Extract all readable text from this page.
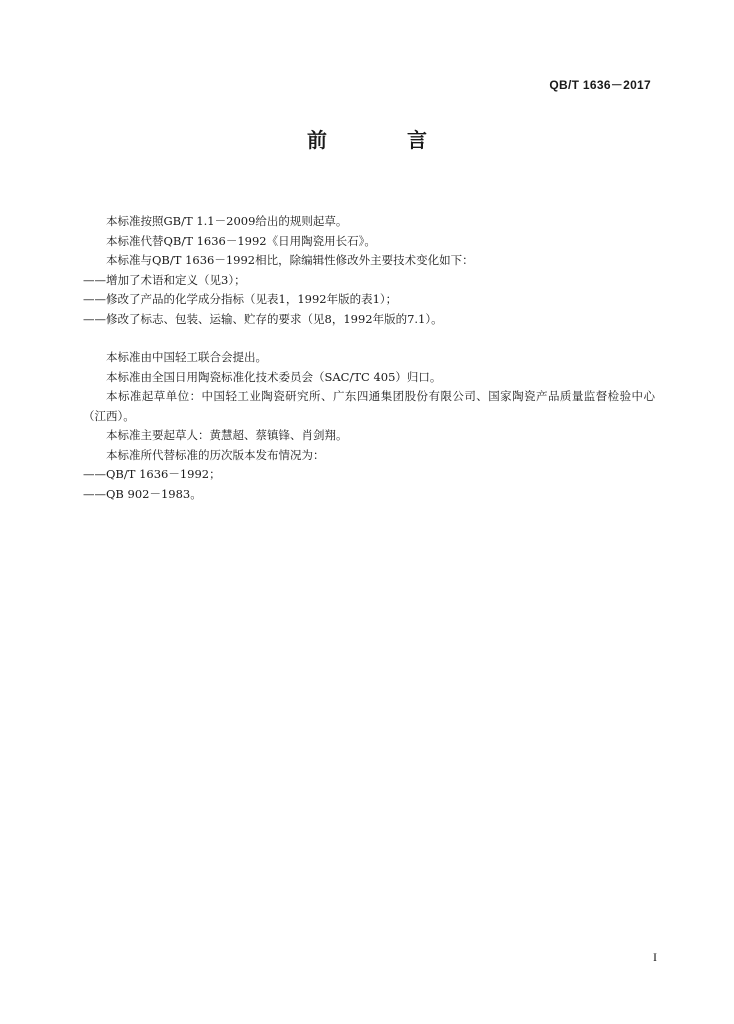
QB/T 1636－2017
前　言

本标准按照GB/T 1.1－2009给出的规则起草。

本标准代替QB/T 1636－1992《日用陶瓷用长石》。

本标准与QB/T 1636－1992相比，除编辑性修改外主要技术变化如下：

——增加了术语和定义（见3）；

——修改了产品的化学成分指标（见表1，1992年版的表1）；

——修改了标志、包装、运输、贮存的要求（见8，1992年版的7.1）。

本标准由中国轻工联合会提出。

本标准由全国日用陶瓷标准化技术委员会（SAC/TC 405）归口。

本标准起草单位：中国轻工业陶瓷研究所、广东四通集团股份有限公司、国家陶瓷产品质量监督检验中心（江西）。

本标准主要起草人：黄慧超、蔡镇锋、肖剑翔。

本标准所代替标准的历次版本发布情况为：

——QB/T 1636－1992；

——QB 902－1983。

I
